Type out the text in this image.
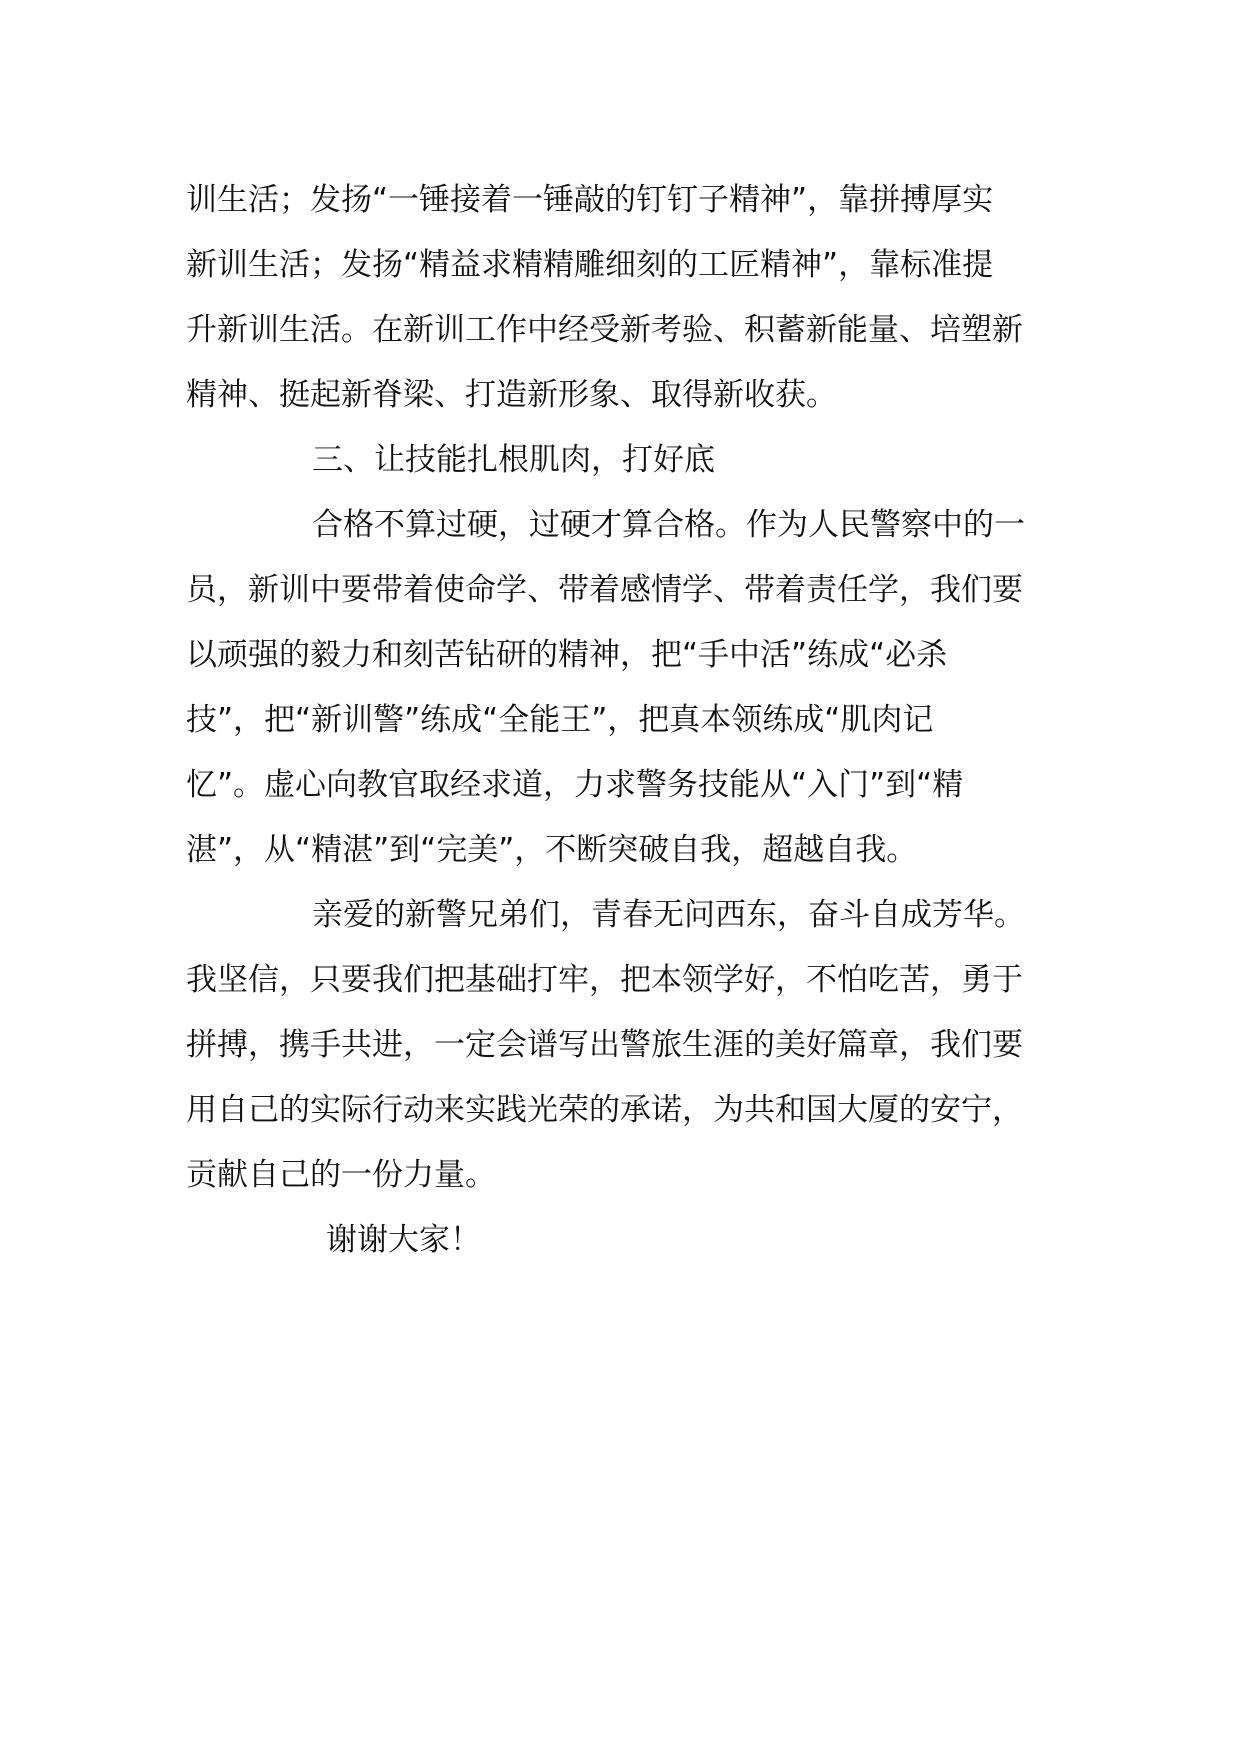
训生活；发扬“一锤接着一锤敲的钉钉子精神”，靠拼搏厚实
新训生活；发扬“精益求精精雕细刻的工匠精神”，靠标准提
升新训生活。在新训工作中经受新考验、积蓄新能量、培塑新
精神、挺起新脊梁、打造新形象、取得新收获。
三、让技能扎根肌肉，打好底
合格不算过硬，过硬才算合格。作为人民警察中的一
员，新训中要带着使命学、带着感情学、带着责任学，我们要
以顽强的毅力和刻苦钻研的精神，把“手中活”练成“必杀
技”，把“新训警”练成“全能王”，把真本领练成“肌肉记
忆”。虚心向教官取经求道，力求警务技能从“入门”到“精
湛”，从“精湛”到“完美”，不断突破自我，超越自我。
亲爱的新警兄弟们，青春无问西东，奋斗自成芳华。
我坚信，只要我们把基础打牢，把本领学好，不怕吃苦，勇于
拼搏，携手共进，一定会谱写出警旅生涯的美好篇章，我们要
用自己的实际行动来实践光荣的承诺，为共和国大厦的安宁，
贡献自己的一份力量。
谢谢大家！
